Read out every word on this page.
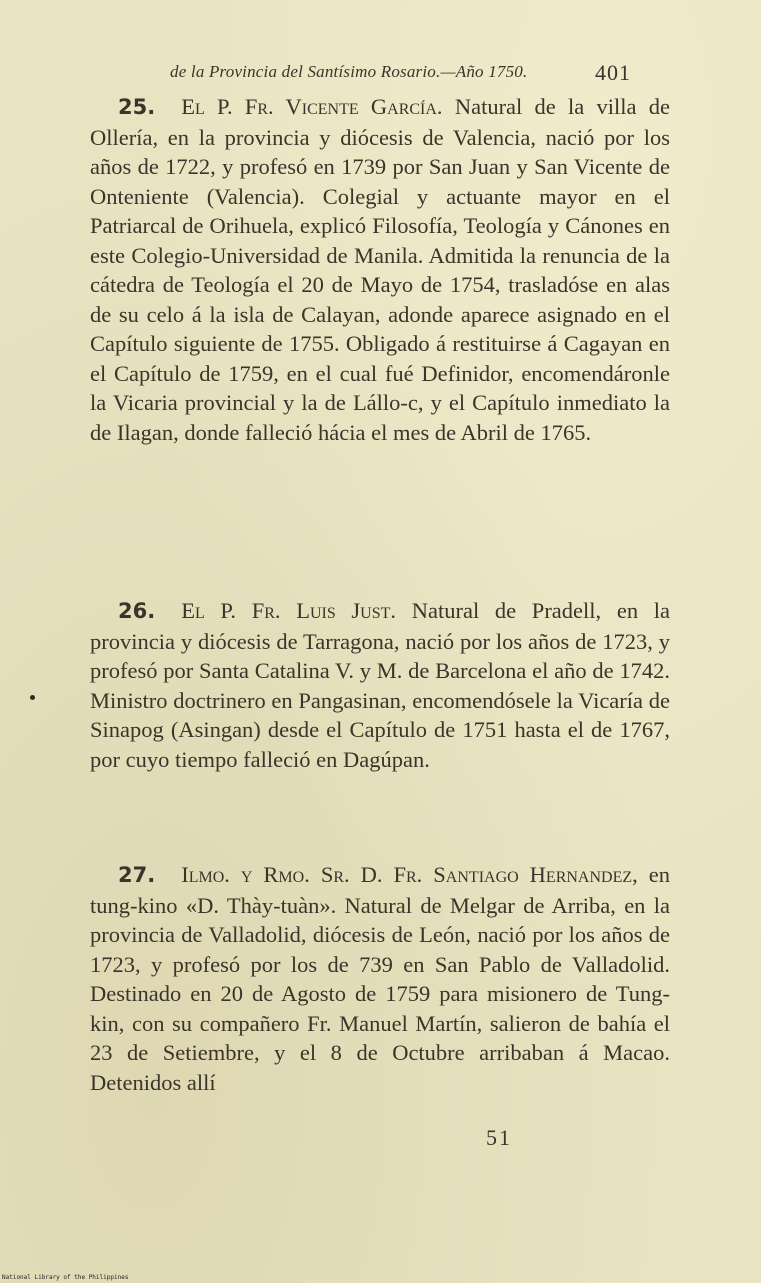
de la Provincia del Santísimo Rosario.—Año 1750.	401
25. El P. Fr. Vicente García. Natural de la villa de Ollería, en la provincia y diócesis de Valencia, nació por los años de 1722, y profesó en 1739 por San Juan y San Vicente de Onteniente (Valencia). Colegial y actuante mayor en el Patriarcal de Orihuela, explicó Filosofía, Teología y Cánones en este Colegio-Universidad de Manila. Admitida la renuncia de la cátedra de Teología el 20 de Mayo de 1754, trasladóse en alas de su celo á la isla de Calayan, adonde aparece asignado en el Capítulo siguiente de 1755. Obligado á restituirse á Cagayan en el Capítulo de 1759, en el cual fué Definidor, encomendáronle la Vicaria provincial y la de Lállo-c, y el Capítulo inmediato la de Ilagan, donde falleció hácia el mes de Abril de 1765.
26. El P. Fr. Luis Just. Natural de Pradell, en la provincia y diócesis de Tarragona, nació por los años de 1723, y profesó por Santa Catalina V. y M. de Barcelona el año de 1742. Ministro doctrinero en Pangasinan, encomendósele la Vicaría de Sinapog (Asingan) desde el Capítulo de 1751 hasta el de 1767, por cuyo tiempo falleció en Dagúpan.
27. Ilmo. y Rmo. Sr. D. Fr. Santiago Hernandez, en tung-kino «D. Thày-tuàn». Natural de Melgar de Arriba, en la provincia de Valladolid, diócesis de León, nació por los años de 1723, y profesó por los de 739 en San Pablo de Valladolid. Destinado en 20 de Agosto de 1759 para misionero de Tung-kin, con su compañero Fr. Manuel Martín, salieron de bahía el 23 de Setiembre, y el 8 de Octubre arribaban á Macao. Detenidos allí
51
National Library of the Philippines
